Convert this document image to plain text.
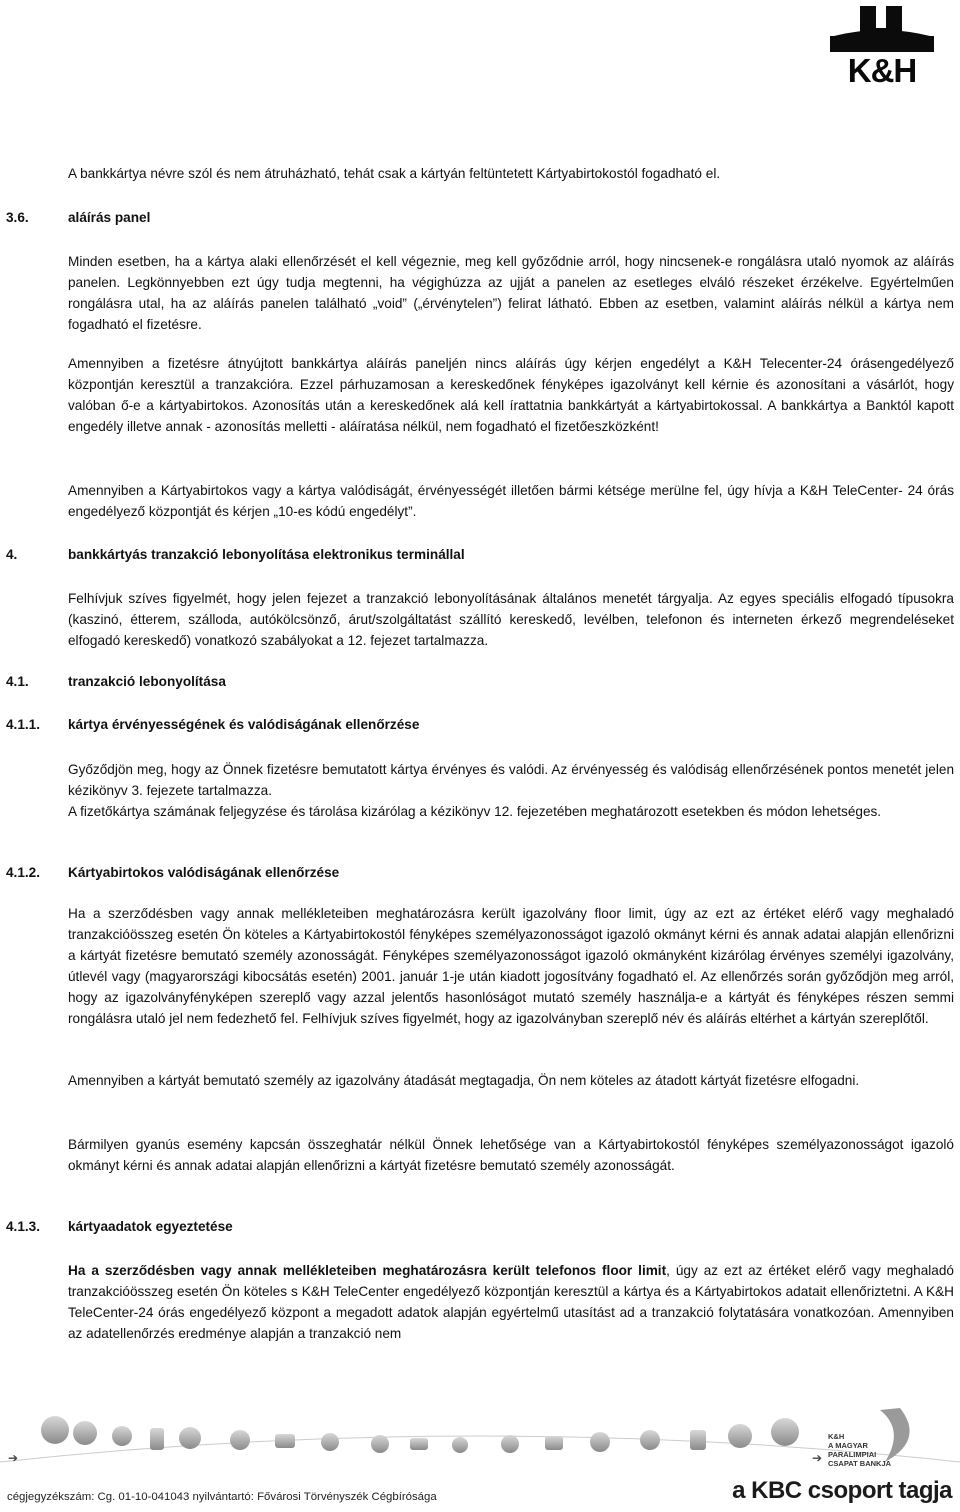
K&H

A bankkártya névre szól és nem átruházható, tehát csak a kártyán feltüntetett Kártyabirtokostól fogadható el.

3.6.	aláírás panel

Minden esetben, ha a kártya alaki ellenőrzését el kell végeznie, meg kell győződnie arról, hogy nincsenek-e rongálásra utaló nyomok az aláírás panelen. Legkönnyebben ezt úgy tudja megtenni, ha végighúzza az ujját a panelen az esetleges elváló részeket érzékelve. Egyértelműen rongálásra utal, ha az aláírás panelen található „void” („érvénytelen”) felirat látható. Ebben az esetben, valamint aláírás nélkül a kártya nem fogadható el fizetésre.

Amennyiben a fizetésre átnyújtott bankkártya aláírás paneljén nincs aláírás úgy kérjen engedélyt a K&H Telecenter-24 órásengedélyező központján keresztül a tranzakcióra. Ezzel párhuzamosan a kereskedőnek fényképes igazolványt kell kérnie és azonosítani a vásárlót, hogy valóban ő-e a kártyabirtokos. Azonosítás után a kereskedőnek alá kell írattatnia bankkártyát a kártyabirtokossal. A bankkártya a Banktól kapott engedély illetve annak - azonosítás melletti - aláíratása nélkül, nem fogadható el fizetőeszközként!

Amennyiben a Kártyabirtokos vagy a kártya valódiságát, érvényességét illetően bármi kétsége merülne fel, úgy hívja a K&H TeleCenter- 24 órás engedélyező központját és kérjen „10-es kódú engedélyt”.

4.	bankkártyás tranzakció lebonyolítása elektronikus terminállal

Felhívjuk szíves figyelmét, hogy jelen fejezet a tranzakció lebonyolításának általános menetét tárgyalja. Az egyes speciális elfogadó típusokra (kaszinó, étterem, szálloda, autókölcsönző, árut/szolgáltatást szállító kereskedő, levélben, telefonon és interneten érkező megrendeléseket elfogadó kereskedő) vonatkozó szabályokat a 12. fejezet tartalmazza.

4.1.	tranzakció lebonyolítása
4.1.1. kártya érvényességének és valódiságának ellenőrzése

Győződjön meg, hogy az Önnek fizetésre bemutatott kártya érvényes és valódi. Az érvényesség és valódiság ellenőrzésének pontos menetét jelen kézikönyv 3. fejezete tartalmazza.

A fizetőkártya számának feljegyzése és tárolása kizárólag a kézikönyv 12. fejezetében meghatározott esetekben és módon lehetséges.

4.1.2. Kártyabirtokos valódiságának ellenőrzése

Ha a szerződésben vagy annak mellékleteiben meghatározásra került igazolvány floor limit, úgy az ezt az értéket elérő vagy meghaladó tranzakcióösszeg esetén Ön köteles a Kártyabirtokostól fényképes személyazonosságot igazoló okmányt kérni és annak adatai alapján ellenőrizni a kártyát fizetésre bemutató személy azonosságát. Fényképes személyazonosságot igazoló okmányként kizárólag érvényes személyi igazolvány, útlevél vagy (magyarországi kibocsátás esetén) 2001. január 1-je után kiadott jogosítvány fogadható el. Az ellenőrzés során győződjön meg arról, hogy az igazolványfényképen szereplő vagy azzal jelentős hasonlóságot mutató személy használja-e a kártyát és fényképes részen semmi rongálásra utaló jel nem fedezhető fel. Felhívjuk szíves figyelmét, hogy az igazolványban szereplő név és aláírás eltérhet a kártyán szereplőtől.

Amennyiben a kártyát bemutató személy az igazolvány átadását megtagadja, Ön nem köteles az átadott kártyát fizetésre elfogadni.

Bármilyen gyanús esemény kapcsán összeghatár nélkül Önnek lehetősége van a Kártyabirtokostól fényképes személyazonosságot igazoló okmányt kérni és annak adatai alapján ellenőrizni a kártyát fizetésre bemutató személy azonosságát.

4.1.3. kártyaadatok egyeztetése

Ha a szerződésben vagy annak mellékleteiben meghatározásra került telefonos floor limit, úgy az ezt az értéket elérő vagy meghaladó tranzakcióösszeg esetén Ön köteles s K&H TeleCenter engedélyező központján keresztül a kártya és a Kártyabirtokos adatait ellenőriztetni. A K&H TeleCenter-24 órás engedélyező központ a megadott adatok alapján egyértelmű utasítást ad a tranzakció folytatására vonatkozóan. Amennyiben az adatellenőrzés eredménye alapján a tranzakció nem

➔	➔
K&H
A MAGYAR
PARALIMPIAI
CSAPAT BANKJA
cégjegyzékszám: Cg. 01-10-041043 nyilvántartó: Fővárosi Törvényszék Cégbírósága	a KBC csoport tagja
